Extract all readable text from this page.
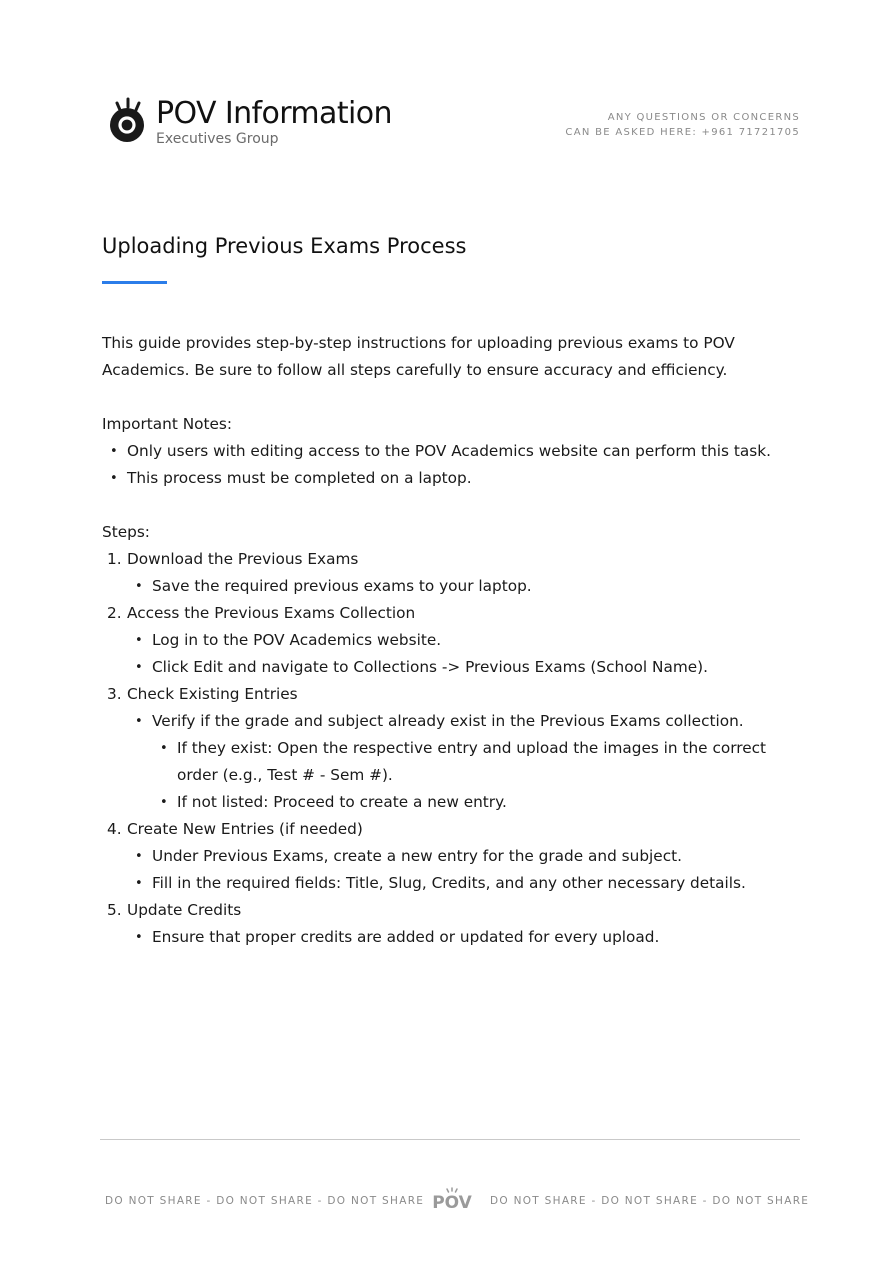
POV Information
Executives Group
ANY QUESTIONS OR CONCERNS
CAN BE ASKED HERE: +961 71721705
Uploading Previous Exams Process

This guide provides step-by-step instructions for uploading previous exams to POV Academics. Be sure to follow all steps carefully to ensure accuracy and efficiency.

Important Notes:

• Only users with editing access to the POV Academics website can perform this task.
• This process must be completed on a laptop.

Steps:

Download the Previous Exams
• Save the required previous exams to your laptop.
Access the Previous Exams Collection
• Log in to the POV Academics website.
• Click Edit and navigate to Collections -> Previous Exams (School Name).
Check Existing Entries
• Verify if the grade and subject already exist in the Previous Exams collection.
• If they exist: Open the respective entry and upload the images in the correct order (e.g., Test # - Sem #).
• If not listed: Proceed to create a new entry.
Create New Entries (if needed)
• Under Previous Exams, create a new entry for the grade and subject.
• Fill in the required fields: Title, Slug, Credits, and any other necessary details.
Update Credits
• Ensure that proper credits are added or updated for every upload.
DO NOT SHARE - DO NOT SHARE - DO NOT SHARE POV DO NOT SHARE - DO NOT SHARE - DO NOT SHARE
